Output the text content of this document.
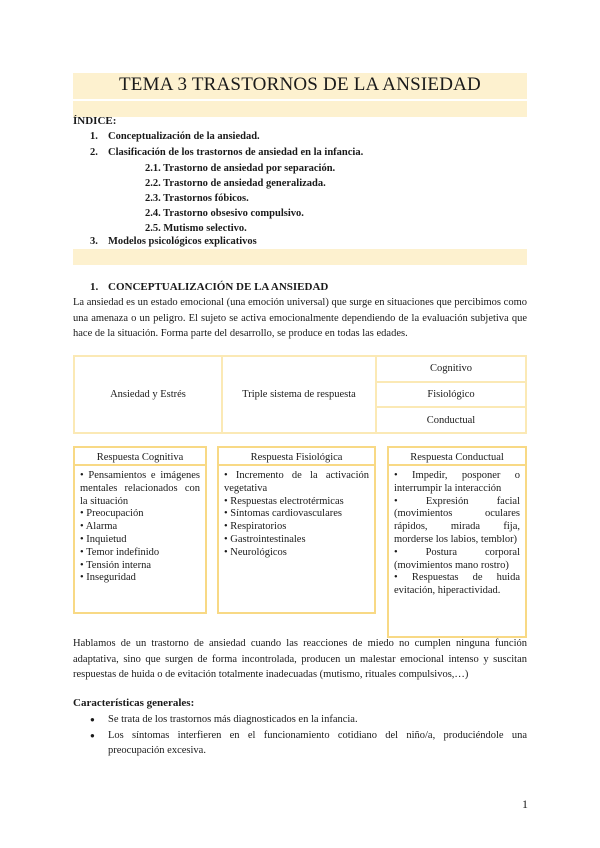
TEMA 3 TRASTORNOS DE LA ANSIEDAD
ÍNDICE:
1. Conceptualización de la ansiedad.
2. Clasificación de los trastornos de ansiedad en la infancia.
2.1. Trastorno de ansiedad por separación.
2.2. Trastorno de ansiedad generalizada.
2.3. Trastornos fóbicos.
2.4. Trastorno obsesivo compulsivo.
2.5. Mutismo selectivo.
3. Modelos psicológicos explicativos
1. CONCEPTUALIZACIÓN DE LA ANSIEDAD
La ansiedad es un estado emocional (una emoción universal) que surge en situaciones que percibimos como una amenaza o un peligro. El sujeto se activa emocionalmente dependiendo de la evaluación subjetiva que hace de la situación. Forma parte del desarrollo, se produce en todas las edades.
Ansiedad y Estrés	Triple sistema de respuesta	Cognitivo
Fisiológico
Conductual
Respuesta Cognitiva
• Pensamientos e imágenes mentales relacionados con la situación
• Preocupación
• Alarma
• Inquietud
• Temor indefinido
• Tensión interna
• Inseguridad
Respuesta Fisiológica
• Incremento de la activación vegetativa
• Respuestas electrotérmicas
• Síntomas cardiovasculares
• Respiratorios
• Gastrointestinales
• Neurológicos
Respuesta Conductual
• Impedir, posponer o interrumpir la interacción
• Expresión facial (movimientos oculares rápidos, mirada fija, morderse los labios, temblor)
• Postura corporal (movimientos mano rostro)
• Respuestas de huida evitación, hiperactividad.
Hablamos de un trastorno de ansiedad cuando las reacciones de miedo no cumplen ninguna función adaptativa, sino que surgen de forma incontrolada, producen un malestar emocional intenso y suscitan respuestas de huida o de evitación totalmente inadecuadas (mutismo, rituales compulsivos,…)
Características generales:
● Se trata de los trastornos más diagnosticados en la infancia.
● Los síntomas interfieren en el funcionamiento cotidiano del niño/a, produciéndole una preocupación excesiva.
1
